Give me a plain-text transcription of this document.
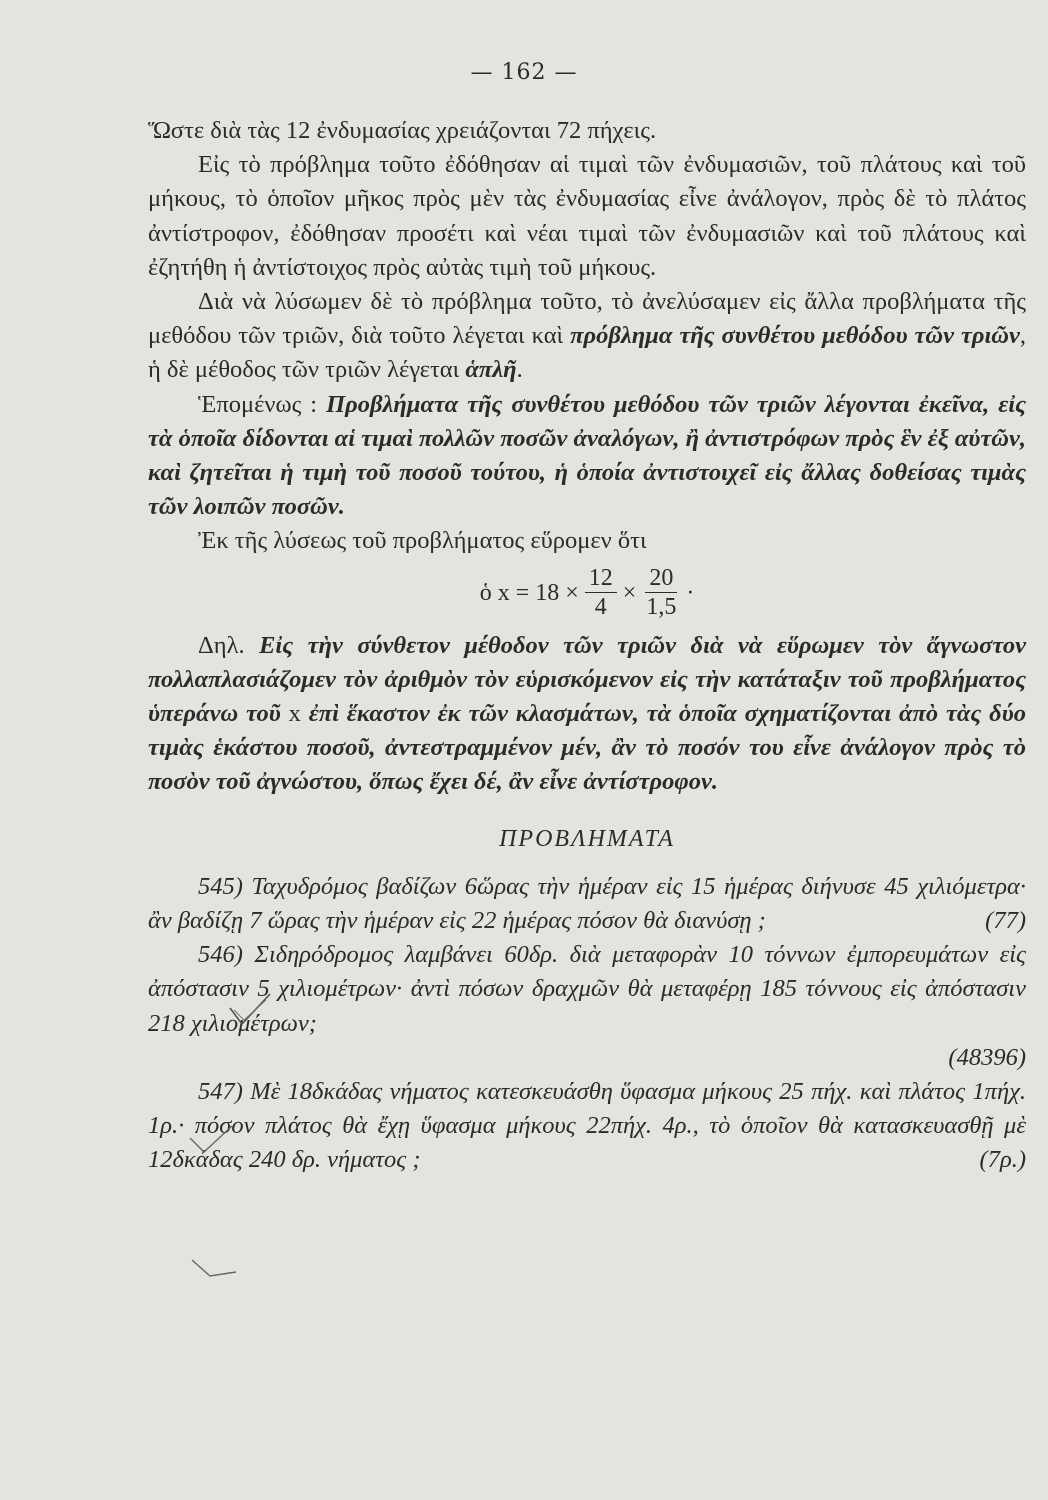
— 162 —

Ὥστε διὰ τὰς 12 ἐνδυμασίας χρειάζονται 72 πήχεις.

Εἰς τὸ πρόβλημα τοῦτο ἐδόθησαν αἱ τιμαὶ τῶν ἐνδυμασιῶν, τοῦ πλάτους καὶ τοῦ μήκους, τὸ ὁποῖον μῆκος πρὸς μὲν τὰς ἐνδυμασίας εἶνε ἀνάλογον, πρὸς δὲ τὸ πλάτος ἀντίστροφον, ἐδόθησαν προσέτι καὶ νέαι τιμαὶ τῶν ἐνδυμασιῶν καὶ τοῦ πλάτους καὶ ἐζητήθη ἡ ἀντίστοιχος πρὸς αὐτὰς τιμὴ τοῦ μήκους.

Διὰ νὰ λύσωμεν δὲ τὸ πρόβλημα τοῦτο, τὸ ἀνελύσαμεν εἰς ἄλλα προβλήματα τῆς μεθόδου τῶν τριῶν, διὰ τοῦτο λέγεται καὶ πρόβλημα τῆς συνθέτου μεθόδου τῶν τριῶν, ἡ δὲ μέθοδος τῶν τριῶν λέγεται ἁπλῆ.

Ἑπομένως : Προβλήματα τῆς συνθέτου μεθόδου τῶν τριῶν λέγονται ἐκεῖνα, εἰς τὰ ὁποῖα δίδονται αἱ τιμαὶ πολλῶν ποσῶν ἀναλόγων, ἢ ἀντιστρόφων πρὸς ἓν ἐξ αὐτῶν, καὶ ζητεῖται ἡ τιμὴ τοῦ ποσοῦ τούτου, ἡ ὁποία ἀντιστοιχεῖ εἰς ἄλλας δοθείσας τιμὰς τῶν λοιπῶν ποσῶν.

Ἐκ τῆς λύσεως τοῦ προβλήματος εὕρομεν ὅτι

ὁ $x = 18 \times \frac{12}{4} \times \frac{20}{1,5}$ ·

Δηλ. Εἰς τὴν σύνθετον μέθοδον τῶν τριῶν διὰ νὰ εὕρωμεν τὸν ἄγνωστον πολλαπλασιάζομεν τὸν ἀριθμὸν τὸν εὑρισκόμενον εἰς τὴν κατάταξιν τοῦ προβλήματος ὑπεράνω τοῦ x ἐπὶ ἕκαστον ἐκ τῶν κλασμάτων, τὰ ὁποῖα σχηματίζονται ἀπὸ τὰς δύο τιμὰς ἑκάστου ποσοῦ, ἀντεστραμμένον μέν, ἂν τὸ ποσόν του εἶνε ἀνάλογον πρὸς τὸ ποσὸν τοῦ ἀγνώστου, ὅπως ἔχει δέ, ἂν εἶνε ἀντίστροφον.

ΠΡΟΒΛΗΜΑΤΑ

545) Ταχυδρόμος βαδίζων 6ὥρας τὴν ἡμέραν εἰς 15 ἡμέρας διήνυσε 45 χιλιόμετρα· ἂν βαδίζῃ 7 ὥρας τὴν ἡμέραν εἰς 22 ἡμέρας πόσον θὰ διανύσῃ ;	(77)

546) Σιδηρόδρομος λαμβάνει 60δρ. διὰ μεταφορὰν 10 τόννων ἐμπορευμάτων εἰς ἀπόστασιν 5 χιλιομέτρων· ἀντὶ πόσων δραχμῶν θὰ μεταφέρῃ 185 τόννους εἰς ἀπόστασιν 218 χιλιομέτρων;

(48396)

547) Μὲ 18δκάδας νήματος κατεσκευάσθη ὕφασμα μήκους 25 πήχ. καὶ πλάτος 1πήχ. 1ρ.· πόσον πλάτος θὰ ἔχῃ ὕφασμα μήκους 22πήχ. 4ρ., τὸ ὁποῖον θὰ κατασκευασθῇ μὲ 12δκάδας 240 δρ. νήματος ;	(7ρ.)
